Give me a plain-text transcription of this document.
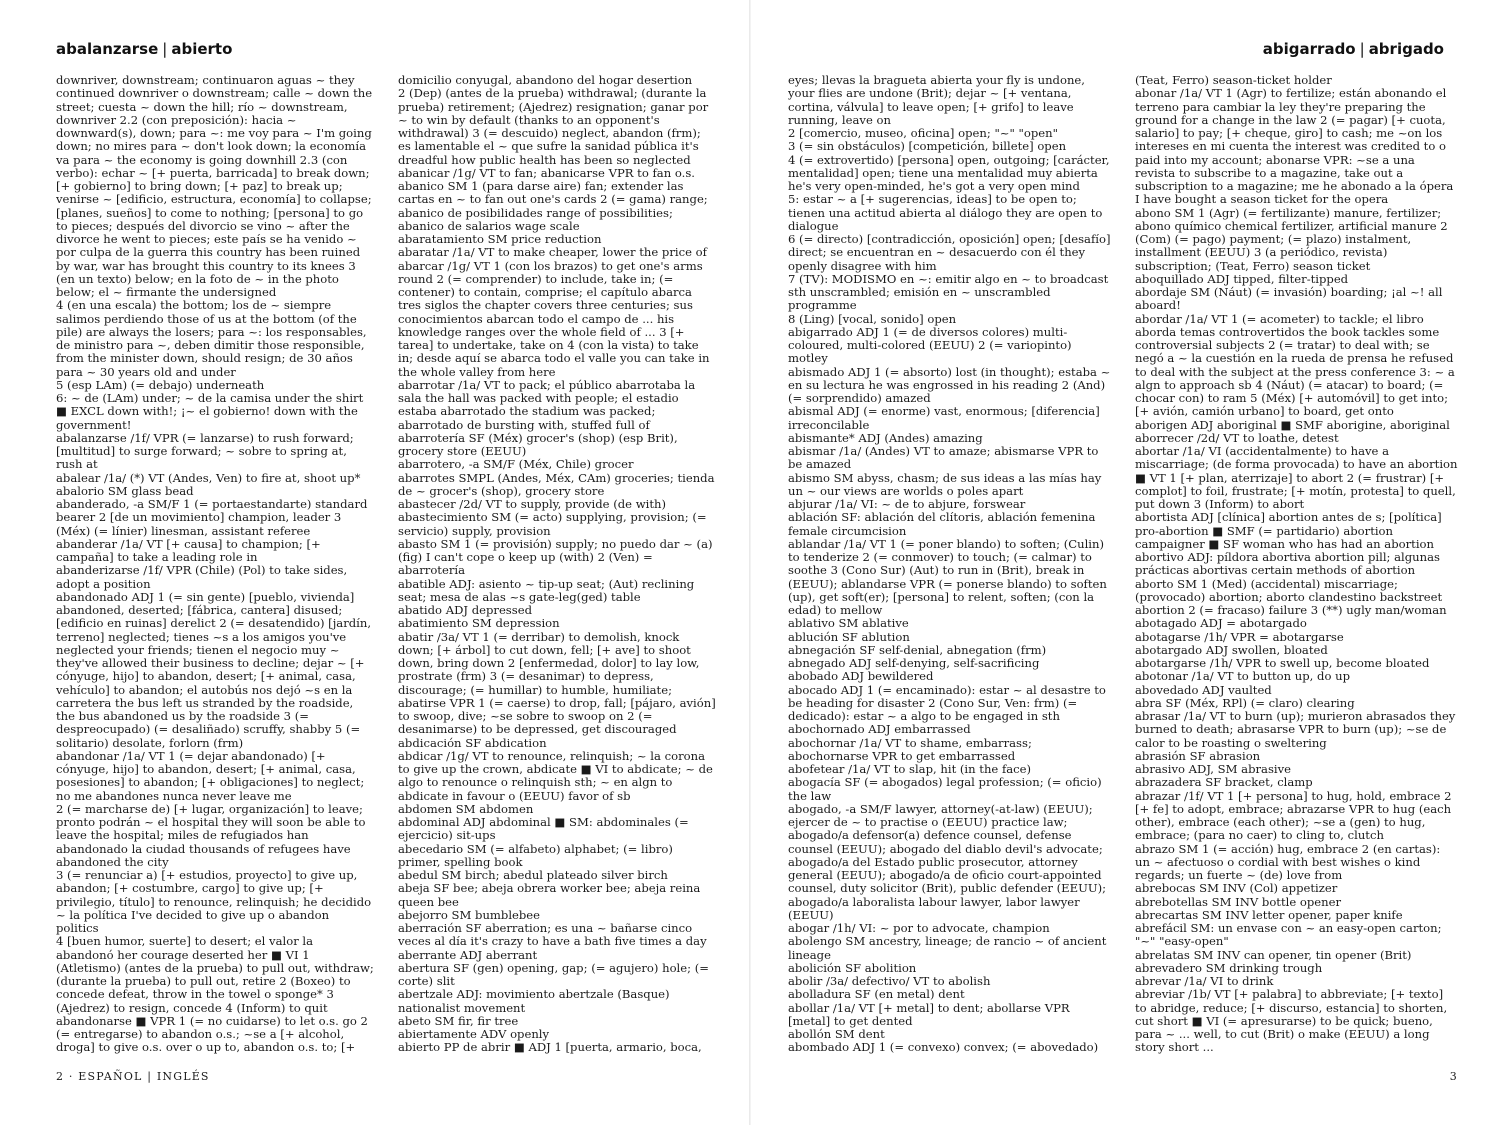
abalanzarse | abierto

downriver, downstream; continuaron aguas ~ they continued downriver o downstream; calle ~ down the street; cuesta ~ down the hill; río ~ downstream, downriver 2.2 (con preposición): hacia ~ downward(s), down; para ~: me voy para ~ I'm going down; no mires para ~ don't look down; la economía va para ~ the economy is going downhill 2.3 (con verbo): echar ~ [+ puerta, barricada] to break down; [+ gobierno] to bring down; [+ paz] to break up; venirse ~ [edificio, estructura, economía] to collapse; [planes, sueños] to come to nothing; [persona] to go to pieces; después del divorcio se vino ~ after the divorce he went to pieces; este país se ha venido ~ por culpa de la guerra this country has been ruined by war, war has brought this country to its knees 3 (en un texto) below; en la foto de ~ in the photo below; el ~ firmante the undersigned

4 (en una escala) the bottom; los de ~ siempre salimos perdiendo those of us at the bottom (of the pile) are always the losers; para ~: los responsables, de ministro para ~, deben dimitir those responsible, from the minister down, should resign; de 30 años para ~ 30 years old and under

5 (esp LAm) (= debajo) underneath

6: ~ de (LAm) under; ~ de la camisa under the shirt ■ EXCL down with!; ¡~ el gobierno! down with the government!

abalanzarse /1f/ VPR (= lanzarse) to rush forward; [multitud] to surge forward; ~ sobre to spring at, rush at

abalear /1a/ (*) VT (Andes, Ven) to fire at, shoot up*

abalorio SM glass bead

abanderado, -a SM/F 1 (= portaestandarte) standard bearer 2 [de un movimiento] champion, leader 3 (Méx) (= línier) linesman, assistant referee

abanderar /1a/ VT [+ causa] to champion; [+ campaña] to take a leading role in

abanderizarse /1f/ VPR (Chile) (Pol) to take sides, adopt a position

abandonado ADJ 1 (= sin gente) [pueblo, vivienda] abandoned, deserted; [fábrica, cantera] disused; [edificio en ruinas] derelict 2 (= desatendido) [jardín, terreno] neglected; tienes ~s a los amigos you've neglected your friends; tienen el negocio muy ~ they've allowed their business to decline; dejar ~ [+ cónyuge, hijo] to abandon, desert; [+ animal, casa, vehículo] to abandon; el autobús nos dejó ~s en la carretera the bus left us stranded by the roadside, the bus abandoned us by the roadside 3 (= despreocupado) (= desaliñado) scruffy, shabby 5 (= solitario) desolate, forlorn (frm)

abandonar /1a/ VT 1 (= dejar abandonado) [+ cónyuge, hijo] to abandon, desert; [+ animal, casa, posesiones] to abandon; [+ obligaciones] to neglect; no me abandones nunca never leave me

2 (= marcharse de) [+ lugar, organización] to leave; pronto podrán ~ el hospital they will soon be able to leave the hospital; miles de refugiados han abandonado la ciudad thousands of refugees have abandoned the city

3 (= renunciar a) [+ estudios, proyecto] to give up, abandon; [+ costumbre, cargo] to give up; [+ privilegio, título] to renounce, relinquish; he decidido ~ la política I've decided to give up o abandon politics

4 [buen humor, suerte] to desert; el valor la abandonó her courage deserted her ■ VI 1 (Atletismo) (antes de la prueba) to pull out, withdraw; (durante la prueba) to pull out, retire 2 (Boxeo) to concede defeat, throw in the towel o sponge* 3 (Ajedrez) to resign, concede 4 (Inform) to quit

abandonarse ■ VPR 1 (= no cuidarse) to let o.s. go 2 (= entregarse) to abandon o.s.; ~se a [+ alcohol, droga] to give o.s. over o up to, abandon o.s. to; [+

domicilio conyugal, abandono del hogar desertion

2 (Dep) (antes de la prueba) withdrawal; (durante la prueba) retirement; (Ajedrez) resignation; ganar por ~ to win by default (thanks to an opponent's withdrawal) 3 (= descuido) neglect, abandon (frm); es lamentable el ~ que sufre la sanidad pública it's dreadful how public health has been so neglected

abanicar /1g/ VT to fan; abanicarse VPR to fan o.s.

abanico SM 1 (para darse aire) fan; extender las cartas en ~ to fan out one's cards 2 (= gama) range; abanico de posibilidades range of possibilities; abanico de salarios wage scale

abaratamiento SM price reduction

abaratar /1a/ VT to make cheaper, lower the price of

abarcar /1g/ VT 1 (con los brazos) to get one's arms round 2 (= comprender) to include, take in; (= contener) to contain, comprise; el capítulo abarca tres siglos the chapter covers three centuries; sus conocimientos abarcan todo el campo de ... his knowledge ranges over the whole field of ... 3 [+ tarea] to undertake, take on 4 (con la vista) to take in; desde aquí se abarca todo el valle you can take in the whole valley from here

abarrotar /1a/ VT to pack; el público abarrotaba la sala the hall was packed with people; el estadio estaba abarrotado the stadium was packed; abarrotado de bursting with, stuffed full of

abarrotería SF (Méx) grocer's (shop) (esp Brit), grocery store (EEUU)

abarrotero, -a SM/F (Méx, Chile) grocer

abarrotes SMPL (Andes, Méx, CAm) groceries; tienda de ~ grocer's (shop), grocery store

abastecer /2d/ VT to supply, provide (de with)

abastecimiento SM (= acto) supplying, provision; (= servicio) supply, provision

abasto SM 1 (= provisión) supply; no puedo dar ~ (a) (fig) I can't cope o keep up (with) 2 (Ven) = abarrotería

abatible ADJ: asiento ~ tip-up seat; (Aut) reclining seat; mesa de alas ~s gate-leg(ged) table

abatido ADJ depressed

abatimiento SM depression

abatir /3a/ VT 1 (= derribar) to demolish, knock down; [+ árbol] to cut down, fell; [+ ave] to shoot down, bring down 2 [enfermedad, dolor] to lay low, prostrate (frm) 3 (= desanimar) to depress, discourage; (= humillar) to humble, humiliate; abatirse VPR 1 (= caerse) to drop, fall; [pájaro, avión] to swoop, dive; ~se sobre to swoop on 2 (= desanimarse) to be depressed, get discouraged

abdicación SF abdication

abdicar /1g/ VT to renounce, relinquish; ~ la corona to give up the crown, abdicate ■ VI to abdicate; ~ de algo to renounce o relinquish sth; ~ en algn to abdicate in favour o (EEUU) favor of sb

abdomen SM abdomen

abdominal ADJ abdominal ■ SM: abdominales (= ejercicio) sit-ups

abecedario SM (= alfabeto) alphabet; (= libro) primer, spelling book

abedul SM birch; abedul plateado silver birch

abeja SF bee; abeja obrera worker bee; abeja reina queen bee

abejorro SM bumblebee

aberración SF aberration; es una ~ bañarse cinco veces al día it's crazy to have a bath five times a day

aberrante ADJ aberrant

abertura SF (gen) opening, gap; (= agujero) hole; (= corte) slit

abertzale ADJ: movimiento abertzale (Basque) nationalist movement

abeto SM fir, fir tree

abiertamente ADV openly

abierto PP de abrir ■ ADJ 1 [puerta, armario, boca,

2 · ESPAÑOL | INGLÉS
abigarrado | abrigado

eyes; llevas la bragueta abierta your fly is undone, your flies are undone (Brit); dejar ~ [+ ventana, cortina, válvula] to leave open; [+ grifo] to leave running, leave on

2 [comercio, museo, oficina] open; "~" "open"

3 (= sin obstáculos) [competición, billete] open

4 (= extrovertido) [persona] open, outgoing; [carácter, mentalidad] open; tiene una mentalidad muy abierta he's very open-minded, he's got a very open mind

5: estar ~ a [+ sugerencias, ideas] to be open to; tienen una actitud abierta al diálogo they are open to dialogue

6 (= directo) [contradicción, oposición] open; [desafío] direct; se encuentran en ~ desacuerdo con él they openly disagree with him

7 (TV): MODISMO en ~: emitir algo en ~ to broadcast sth unscrambled; emisión en ~ unscrambled programme

8 (Ling) [vocal, sonido] open

abigarrado ADJ 1 (= de diversos colores) multi-coloured, multi-colored (EEUU) 2 (= variopinto) motley

abismado ADJ 1 (= absorto) lost (in thought); estaba ~ en su lectura he was engrossed in his reading 2 (And) (= sorprendido) amazed

abismal ADJ (= enorme) vast, enormous; [diferencia] irreconcilable

abismante* ADJ (Andes) amazing

abismar /1a/ (Andes) VT to amaze; abismarse VPR to be amazed

abismo SM abyss, chasm; de sus ideas a las mías hay un ~ our views are worlds o poles apart

abjurar /1a/ VI: ~ de to abjure, forswear

ablación SF: ablación del clítoris, ablación femenina female circumcision

ablandar /1a/ VT 1 (= poner blando) to soften; (Culin) to tenderize 2 (= conmover) to touch; (= calmar) to soothe 3 (Cono Sur) (Aut) to run in (Brit), break in (EEUU); ablandarse VPR (= ponerse blando) to soften (up), get soft(er); [persona] to relent, soften; (con la edad) to mellow

ablativo SM ablative

ablución SF ablution

abnegación SF self-denial, abnegation (frm)

abnegado ADJ self-denying, self-sacrificing

abobado ADJ bewildered

abocado ADJ 1 (= encaminado): estar ~ al desastre to be heading for disaster 2 (Cono Sur, Ven: frm) (= dedicado): estar ~ a algo to be engaged in sth

abochornado ADJ embarrassed

abochornar /1a/ VT to shame, embarrass; abochornarse VPR to get embarrassed

abofetear /1a/ VT to slap, hit (in the face)

abogacía SF (= abogados) legal profession; (= oficio) the law

abogado, -a SM/F lawyer, attorney(-at-law) (EEUU); ejercer de ~ to practise o (EEUU) practice law; abogado/a defensor(a) defence counsel, defense counsel (EEUU); abogado del diablo devil's advocate; abogado/a del Estado public prosecutor, attorney general (EEUU); abogado/a de oficio court-appointed counsel, duty solicitor (Brit), public defender (EEUU); abogado/a laboralista labour lawyer, labor lawyer (EEUU)

abogar /1h/ VI: ~ por to advocate, champion

abolengo SM ancestry, lineage; de rancio ~ of ancient lineage

abolición SF abolition

abolir /3a/ defectivo/ VT to abolish

abolladura SF (en metal) dent

abollar /1a/ VT [+ metal] to dent; abollarse VPR [metal] to get dented

abollón SM dent

abombado ADJ 1 (= convexo) convex; (= abovedado)

(Teat, Ferro) season-ticket holder

abonar /1a/ VT 1 (Agr) to fertilize; están abonando el terreno para cambiar la ley they're preparing the ground for a change in the law 2 (= pagar) [+ cuota, salario] to pay; [+ cheque, giro] to cash; me ~on los intereses en mi cuenta the interest was credited to o paid into my account; abonarse VPR: ~se a una revista to subscribe to a magazine, take out a subscription to a magazine; me he abonado a la ópera I have bought a season ticket for the opera

abono SM 1 (Agr) (= fertilizante) manure, fertilizer; abono químico chemical fertilizer, artificial manure 2 (Com) (= pago) payment; (= plazo) instalment, installment (EEUU) 3 (a periódico, revista) subscription; (Teat, Ferro) season ticket

aboquillado ADJ tipped, filter-tipped

abordaje SM (Náut) (= invasión) boarding; ¡al ~! all aboard!

abordar /1a/ VT 1 (= acometer) to tackle; el libro aborda temas controvertidos the book tackles some controversial subjects 2 (= tratar) to deal with; se negó a ~ la cuestión en la rueda de prensa he refused to deal with the subject at the press conference 3: ~ a algn to approach sb 4 (Náut) (= atacar) to board; (= chocar con) to ram 5 (Méx) [+ automóvil] to get into; [+ avión, camión urbano] to board, get onto

aborigen ADJ aboriginal ■ SMF aborigine, aboriginal

aborrecer /2d/ VT to loathe, detest

abortar /1a/ VI (accidentalmente) to have a miscarriage; (de forma provocada) to have an abortion ■ VT 1 [+ plan, aterrizaje] to abort 2 (= frustrar) [+ complot] to foil, frustrate; [+ motín, protesta] to quell, put down 3 (Inform) to abort

abortista ADJ [clínica] abortion antes de s; [política] pro-abortion ■ SMF (= partidario) abortion campaigner ■ SF woman who has had an abortion

abortivo ADJ: píldora abortiva abortion pill; algunas prácticas abortivas certain methods of abortion

aborto SM 1 (Med) (accidental) miscarriage; (provocado) abortion; aborto clandestino backstreet abortion 2 (= fracaso) failure 3 (**) ugly man/woman

abotagado ADJ = abotargado

abotagarse /1h/ VPR = abotargarse

abotargado ADJ swollen, bloated

abotargarse /1h/ VPR to swell up, become bloated

abotonar /1a/ VT to button up, do up

abovedado ADJ vaulted

abra SF (Méx, RPl) (= claro) clearing

abrasar /1a/ VT to burn (up); murieron abrasados they burned to death; abrasarse VPR to burn (up); ~se de calor to be roasting o sweltering

abrasión SF abrasion

abrasivo ADJ, SM abrasive

abrazadera SF bracket, clamp

abrazar /1f/ VT 1 [+ persona] to hug, hold, embrace 2 [+ fe] to adopt, embrace; abrazarse VPR to hug (each other), embrace (each other); ~se a (gen) to hug, embrace; (para no caer) to cling to, clutch

abrazo SM 1 (= acción) hug, embrace 2 (en cartas): un ~ afectuoso o cordial with best wishes o kind regards; un fuerte ~ (de) love from

abrebocas SM INV (Col) appetizer

abrebotellas SM INV bottle opener

abrecartas SM INV letter opener, paper knife

abrefácil SM: un envase con ~ an easy-open carton; "~" "easy-open"

abrelatas SM INV can opener, tin opener (Brit)

abrevadero SM drinking trough

abrevar /1a/ VI to drink

abreviar /1b/ VT [+ palabra] to abbreviate; [+ texto] to abridge, reduce; [+ discurso, estancia] to shorten, cut short ■ VI (= apresurarse) to be quick; bueno, para ~ ... well, to cut (Brit) o make (EEUU) a long story short ...

3
